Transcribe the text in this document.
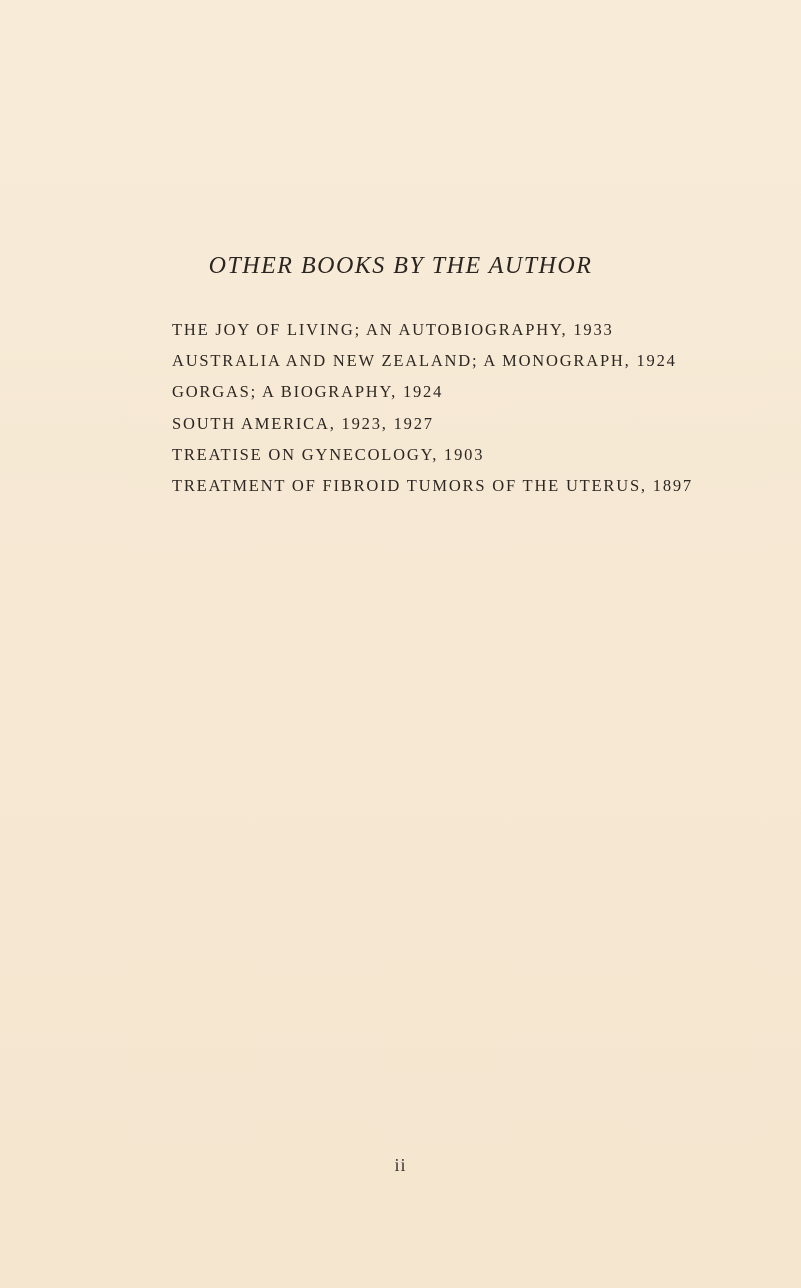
OTHER BOOKS BY THE AUTHOR
THE JOY OF LIVING; AN AUTOBIOGRAPHY, 1933
AUSTRALIA AND NEW ZEALAND; A MONOGRAPH, 1924
GORGAS; A BIOGRAPHY, 1924
SOUTH AMERICA, 1923, 1927
TREATISE ON GYNECOLOGY, 1903
TREATMENT OF FIBROID TUMORS OF THE UTERUS, 1897
ii
